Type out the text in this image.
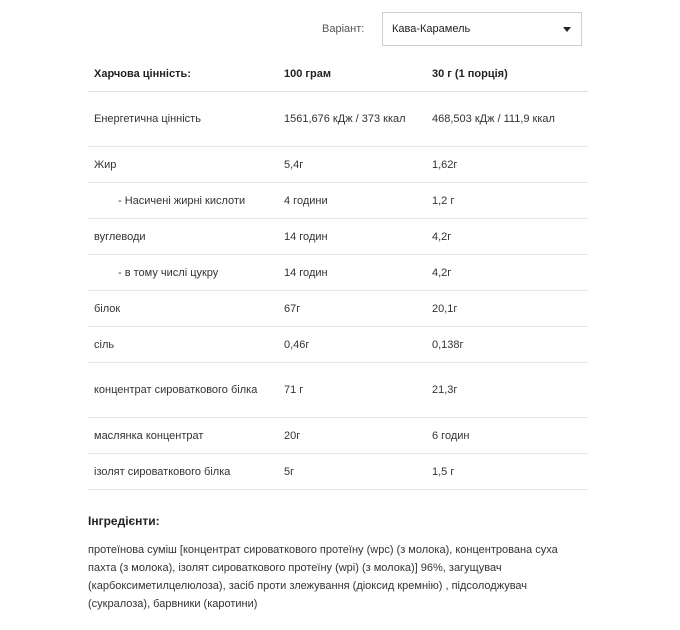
Варіант:	Кава-Карамель
Харчова цінність:	100 грам	30 г (1 порція)
Енергетична цінність	1561,676 кДж / 373 ккал	468,503 кДж / 111,9 ккал
Жир	5,4г	1,62г
- Насичені жирні кислоти	4 години	1,2 г
вуглеводи	14 годин	4,2г
- в тому числі цукру	14 годин	4,2г
білок	67г	20,1г
сіль	0,46г	0,138г
концентрат сироваткового білка	71 г	21,3г
маслянка концентрат	20г	6 годин
ізолят сироваткового білка	5г	1,5 г
Інгредієнти:
протеїнова суміш [концентрат сироваткового протеїну (wpc) (з молока), концентрована суха пахта (з молока), ізолят сироваткового протеїну (wpi) (з молока)] 96%, загущувач (карбоксиметилцелюлоза), засіб проти злежування (діоксид кремнію) , підсолоджувач (сукралоза), барвники (каротини)
